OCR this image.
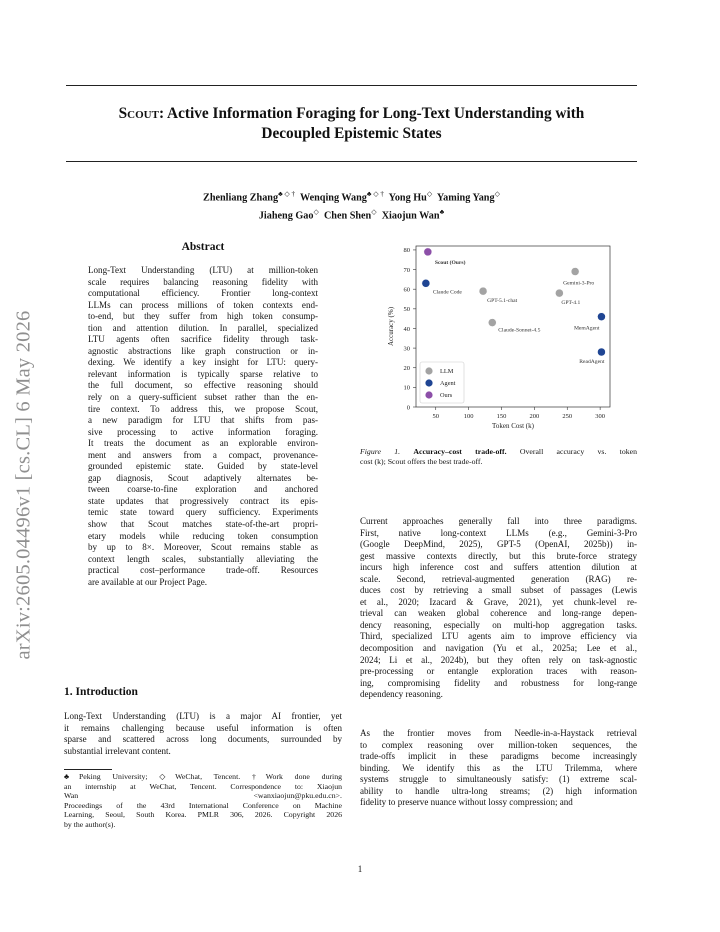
Scout: Active Information Foraging for Long-Text Understanding with
Decoupled Epistemic States
Zhenliang Zhang♣ ◇ † Wenqing Wang♣ ◇ † Yong Hu◇ Yaming Yang◇
Jiaheng Gao◇ Chen Shen◇ Xiaojun Wan♣
arXiv:2605.04496v1 [cs.CL] 6 May 2026
Abstract
Long-Text Understanding (LTU) at million-token
scale requires balancing reasoning fidelity with
computational efficiency. Frontier long-context
LLMs can process millions of token contexts end-
to-end, but they suffer from high token consump-
tion and attention dilution. In parallel, specialized
LTU agents often sacrifice fidelity through task-
agnostic abstractions like graph construction or in-
dexing. We identify a key insight for LTU: query-
relevant information is typically sparse relative to
the full document, so effective reasoning should
rely on a query-sufficient subset rather than the en-
tire context. To address this, we propose Scout,
a new paradigm for LTU that shifts from pas-
sive processing to active information foraging.
It treats the document as an explorable environ-
ment and answers from a compact, provenance-
grounded epistemic state. Guided by state-level
gap diagnosis, Scout adaptively alternates be-
tween coarse-to-fine exploration and anchored
state updates that progressively contract its epis-
temic state toward query sufficiency. Experiments
show that Scout matches state-of-the-art propri-
etary models while reducing token consumption
by up to 8×. Moreover, Scout remains stable as
context length scales, substantially alleviating the
practical cost–performance trade-off. Resources
are available at our Project Page.
1. Introduction
Long-Text Understanding (LTU) is a major AI frontier, yet
it remains challenging because useful information is often
sparse and scattered across long documents, surrounded by
substantial irrelevant content.
♣Peking University; ◇WeChat, Tencent. †Work done during
an internship at WeChat, Tencent. Correspondence to: Xiaojun
Wan <wanxiaojun@pku.edu.cn>.
Proceedings of the 43rd International Conference on Machine
Learning, Seoul, South Korea. PMLR 306, 2026. Copyright 2026
by the author(s).
0
10
20
30
40
50
60
70
80
50	100	150	200	250	300
Token Cost (k)
Accuracy (%)
Scout (Ours)
Claude Code
GPT-5.1-chat
Claude-Sonnet-4.5
GPT-4.1
Gemini-3-Pro
MemAgent
ReadAgent
LLM
Agent
Ours
Figure 1. Accuracy–cost trade-off. Overall accuracy vs. token
cost (k); Scout offers the best trade-off.
Current approaches generally fall into three paradigms.
First, native long-context LLMs (e.g., Gemini-3-Pro
(Google DeepMind, 2025), GPT-5 (OpenAI, 2025b)) in-
gest massive contexts directly, but this brute-force strategy
incurs high inference cost and suffers attention dilution at
scale. Second, retrieval-augmented generation (RAG) re-
duces cost by retrieving a small subset of passages (Lewis
et al., 2020; Izacard & Grave, 2021), yet chunk-level re-
trieval can weaken global coherence and long-range depen-
dency reasoning, especially on multi-hop aggregation tasks.
Third, specialized LTU agents aim to improve efficiency via
decomposition and navigation (Yu et al., 2025a; Lee et al.,
2024; Li et al., 2024b), but they often rely on task-agnostic
pre-processing or entangle exploration traces with reason-
ing, compromising fidelity and robustness for long-range
dependency reasoning.
As the frontier moves from Needle-in-a-Haystack retrieval
to complex reasoning over million-token sequences, the
trade-offs implicit in these paradigms become increasingly
binding. We identify this as the LTU Trilemma, where
systems struggle to simultaneously satisfy: (1) extreme scal-
ability to handle ultra-long streams; (2) high information
fidelity to preserve nuance without lossy compression; and
1
